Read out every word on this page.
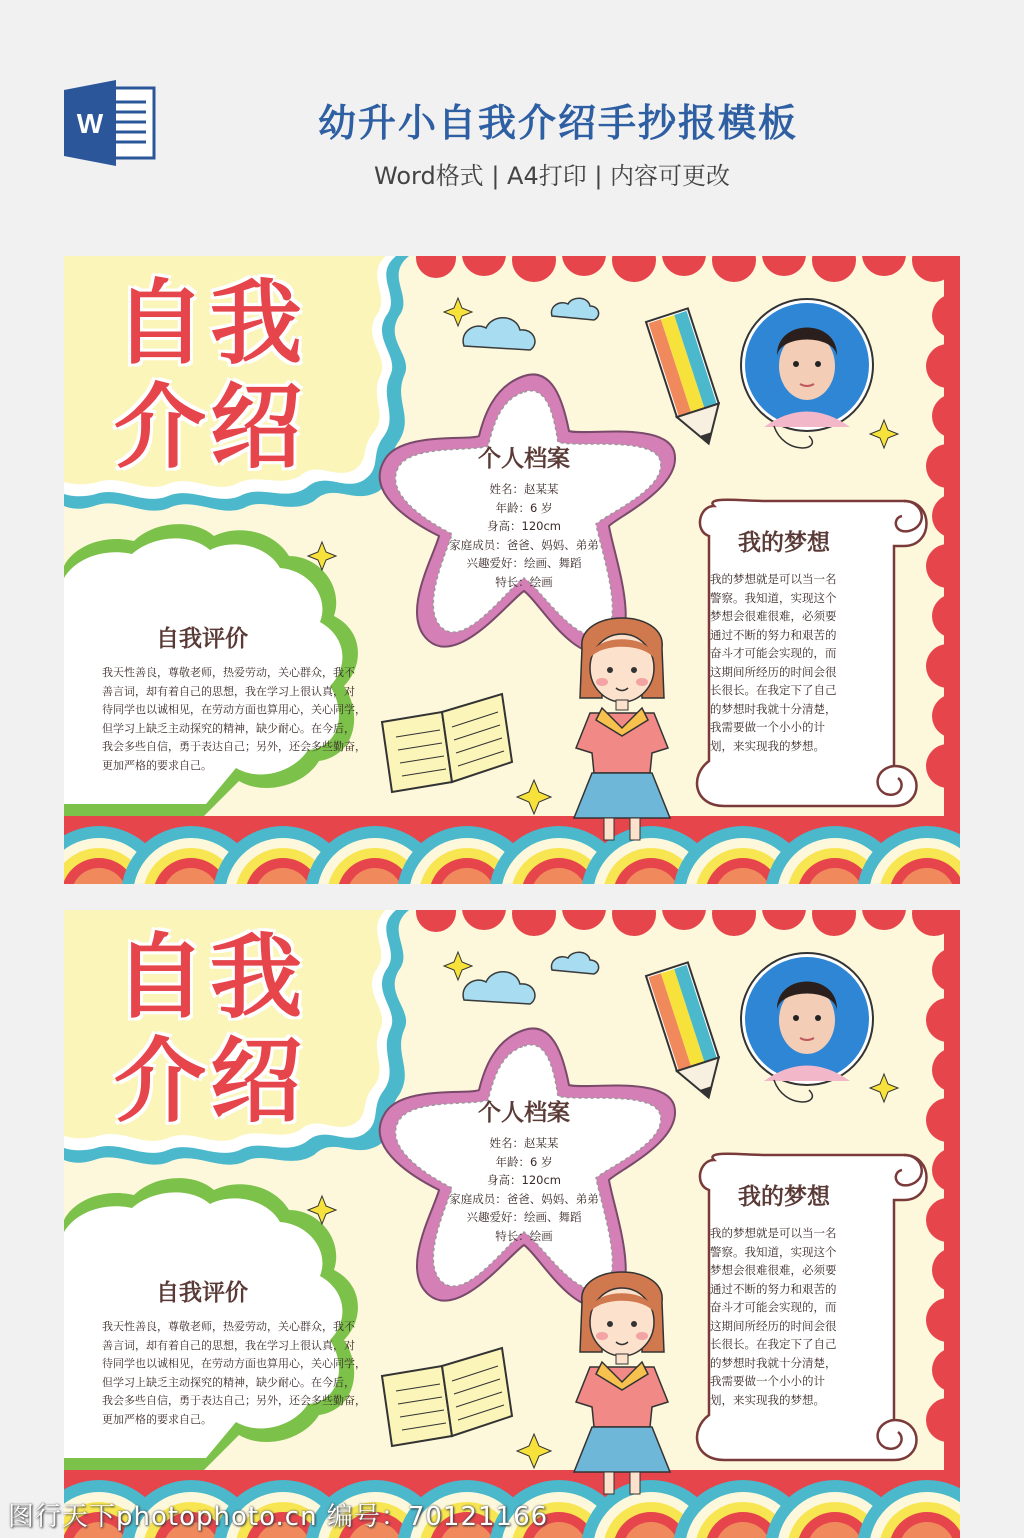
W	幼升小自我介绍手抄报模板
Word格式 | A4打印 | 内容可更改
自我
介绍	个人档案
姓名：赵某某
年龄：6 岁
身高：120cm
家庭成员：爸爸、妈妈、弟弟
兴趣爱好：绘画、舞蹈
特长：绘画
自我评价
我天性善良，尊敬老师，热爱劳动，关心群众，我不
善言词，却有着自己的思想，我在学习上很认真，对
待同学也以诚相见，在劳动方面也算用心，关心同学，
但学习上缺乏主动探究的精神，缺少耐心。在今后，
我会多些自信，勇于表达自己；另外，还会多些勤奋，
更加严格的要求自己。
我的梦想
我的梦想就是可以当一名
警察。我知道，实现这个
梦想会很难很难，必须要
通过不断的努力和艰苦的
奋斗才可能会实现的，而
这期间所经历的时间会很
长很长。在我定下了自己
的梦想时我就十分清楚，
我需要做一个小小的计
划，来实现我的梦想。
自我
介绍	个人档案
姓名：赵某某
年龄：6 岁
身高：120cm
家庭成员：爸爸、妈妈、弟弟
兴趣爱好：绘画、舞蹈
特长：绘画
自我评价
我天性善良，尊敬老师，热爱劳动，关心群众，我不
善言词，却有着自己的思想，我在学习上很认真，对
待同学也以诚相见，在劳动方面也算用心，关心同学，
但学习上缺乏主动探究的精神，缺少耐心。在今后，
我会多些自信，勇于表达自己；另外，还会多些勤奋，
更加严格的要求自己。
我的梦想
我的梦想就是可以当一名
警察。我知道，实现这个
梦想会很难很难，必须要
通过不断的努力和艰苦的
奋斗才可能会实现的，而
这期间所经历的时间会很
长很长。在我定下了自己
的梦想时我就十分清楚，
我需要做一个小小的计
划，来实现我的梦想。
图行天下photophoto.cn 编号：70121166
